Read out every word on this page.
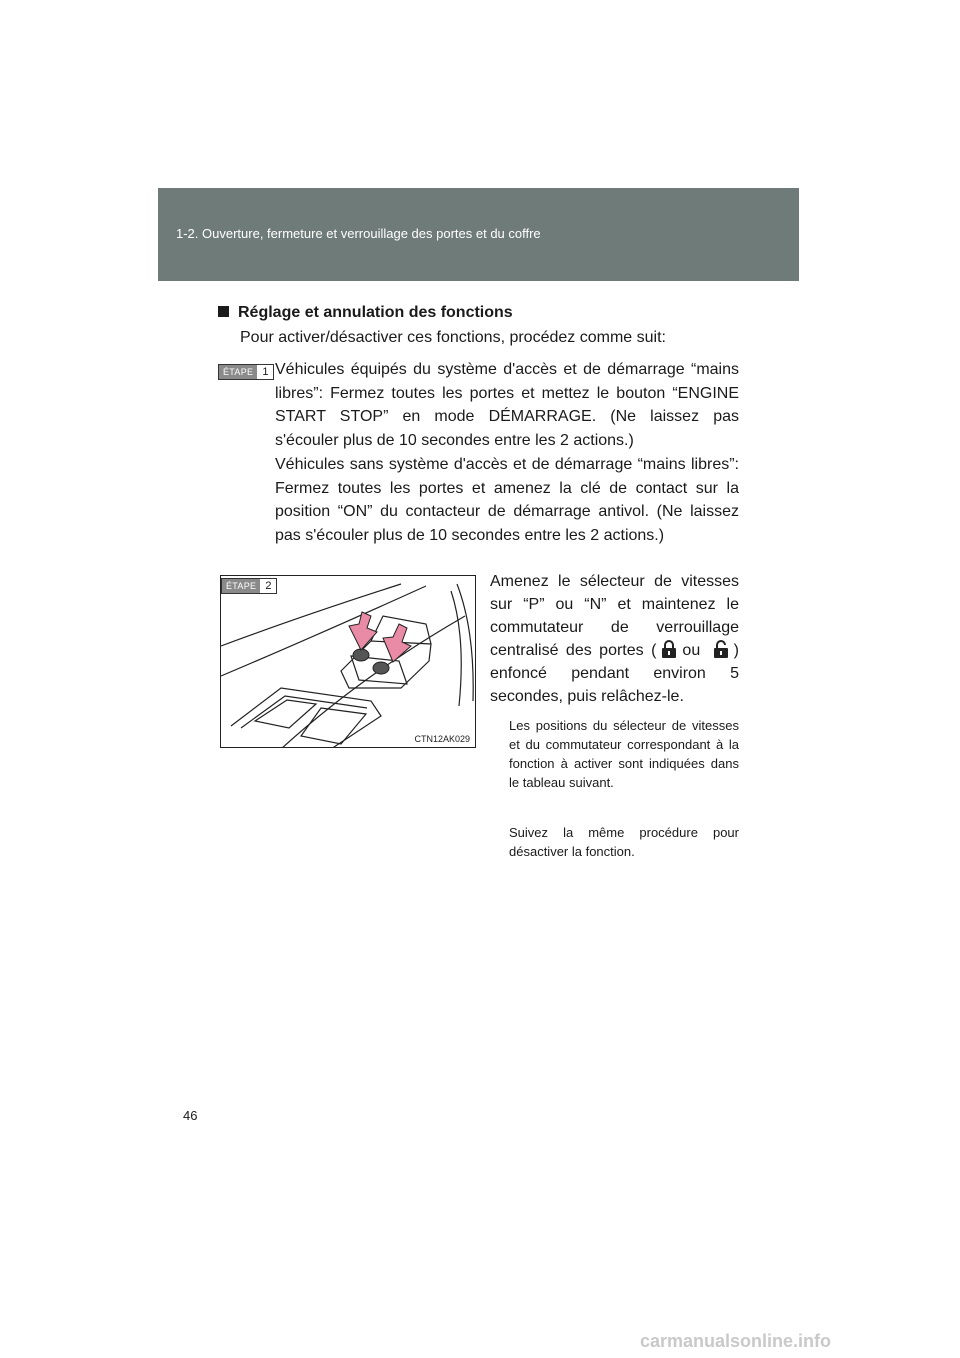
1-2. Ouverture, fermeture et verrouillage des portes et du coffre
Réglage et annulation des fonctions
Pour activer/désactiver ces fonctions, procédez comme suit:
ÉTAPE 1 Véhicules équipés du système d'accès et de démarrage “mains libres”: Fermez toutes les portes et mettez le bouton “ENGINE START STOP” en mode DÉMARRAGE. (Ne laissez pas s'écouler plus de 10 secondes entre les 2 actions.)
Véhicules sans système d'accès et de démarrage “mains libres”: Fermez toutes les portes et amenez la clé de contact sur la position “ON” du contacteur de démarrage antivol. (Ne laissez pas s'écouler plus de 10 secondes entre les 2 actions.)
ÉTAPE 2
CTN12AK029
Amenez le sélecteur de vitesses sur “P” ou “N” et maintenez le commutateur de verrouillage centralisé des portes ( ou ) enfoncé pendant environ 5 secondes, puis relâchez-le.
Les positions du sélecteur de vitesses et du commutateur correspondant à la fonction à activer sont indiquées dans le tableau suivant.
Suivez la même procédure pour désactiver la fonction.
46
carmanualsonline.info
